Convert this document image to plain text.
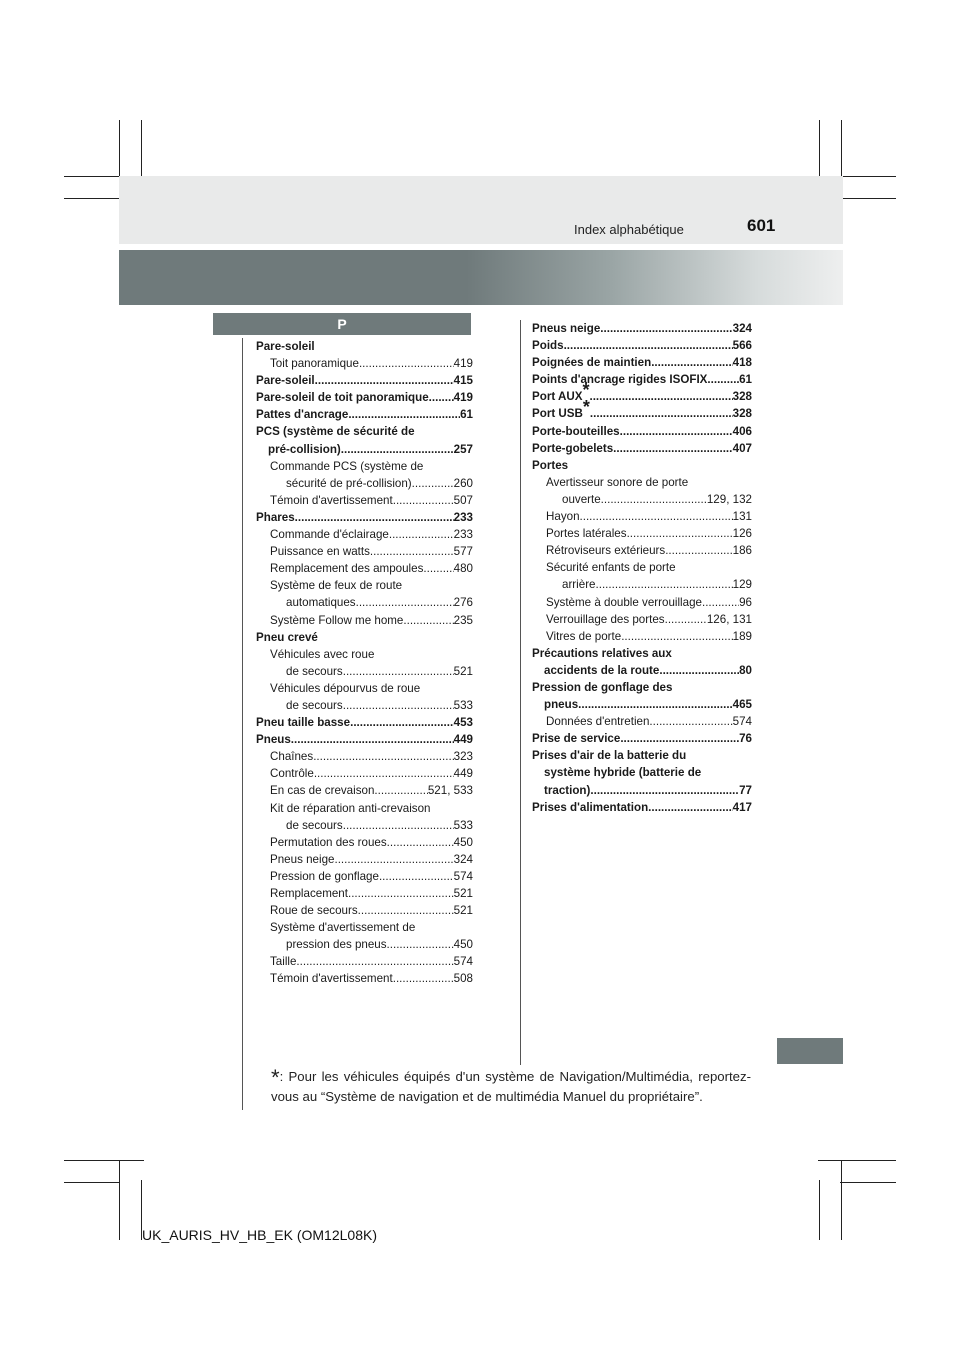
Index alphabétique	601
P
Pare-soleil
Toit panoramique .....	419
Pare-soleil .....	415
Pare-soleil de toit panoramique ..... 419
Pattes d'ancrage .....	61
PCS (système de sécurité de
pré-collision) .....	257
Commande PCS (système de
sécurité de pré-collision) .....	260
Témoin d'avertissement .....	507
Phares .....	233
Commande d'éclairage .....	233
Puissance en watts .....	577
Remplacement des ampoules .....	480
Système de feux de route
automatiques .....	276
Système Follow me home .....	235
Pneu crevé
Véhicules avec roue
de secours .....	521
Véhicules dépourvus de roue
de secours .....	533
Pneu taille basse .....	453
Pneus .....	449
Chaînes .....	323
Contrôle .....	449
En cas de crevaison .....	521, 533
Kit de réparation anti-crevaison
de secours .....	533
Permutation des roues .....	450
Pneus neige .....	324
Pression de gonflage .....	574
Remplacement .....	521
Roue de secours .....	521
Système d'avertissement de
pression des pneus .....	450
Taille .....	574
Témoin d'avertissement .....	508
Pneus neige .....	324
Poids .....	566
Poignées de maintien .....	418
Points d'ancrage rigides ISOFIX .....	61
Port AUX* .....	328
Port USB* .....	328
Porte-bouteilles .....	406
Porte-gobelets .....	407
Portes
Avertisseur sonore de porte
ouverte .....	129, 132
Hayon .....	131
Portes latérales .....	126
Rétroviseurs extérieurs .....	186
Sécurité enfants de porte
arrière .....	129
Système à double verrouillage .....	96
Verrouillage des portes .....	126, 131
Vitres de porte .....	189
Précautions relatives aux
accidents de la route .....	80
Pression de gonflage des
pneus .....	465
Données d'entretien .....	574
Prise de service .....	76
Prises d'air de la batterie du
système hybride (batterie de
traction) .....	77
Prises d'alimentation .....	417
*: Pour les véhicules équipés d'un système de Navigation/Multimédia, reportez-vous au “Système de navigation et de multimédia Manuel du propriétaire”.
UK_AURIS_HV_HB_EK (OM12L08K)
